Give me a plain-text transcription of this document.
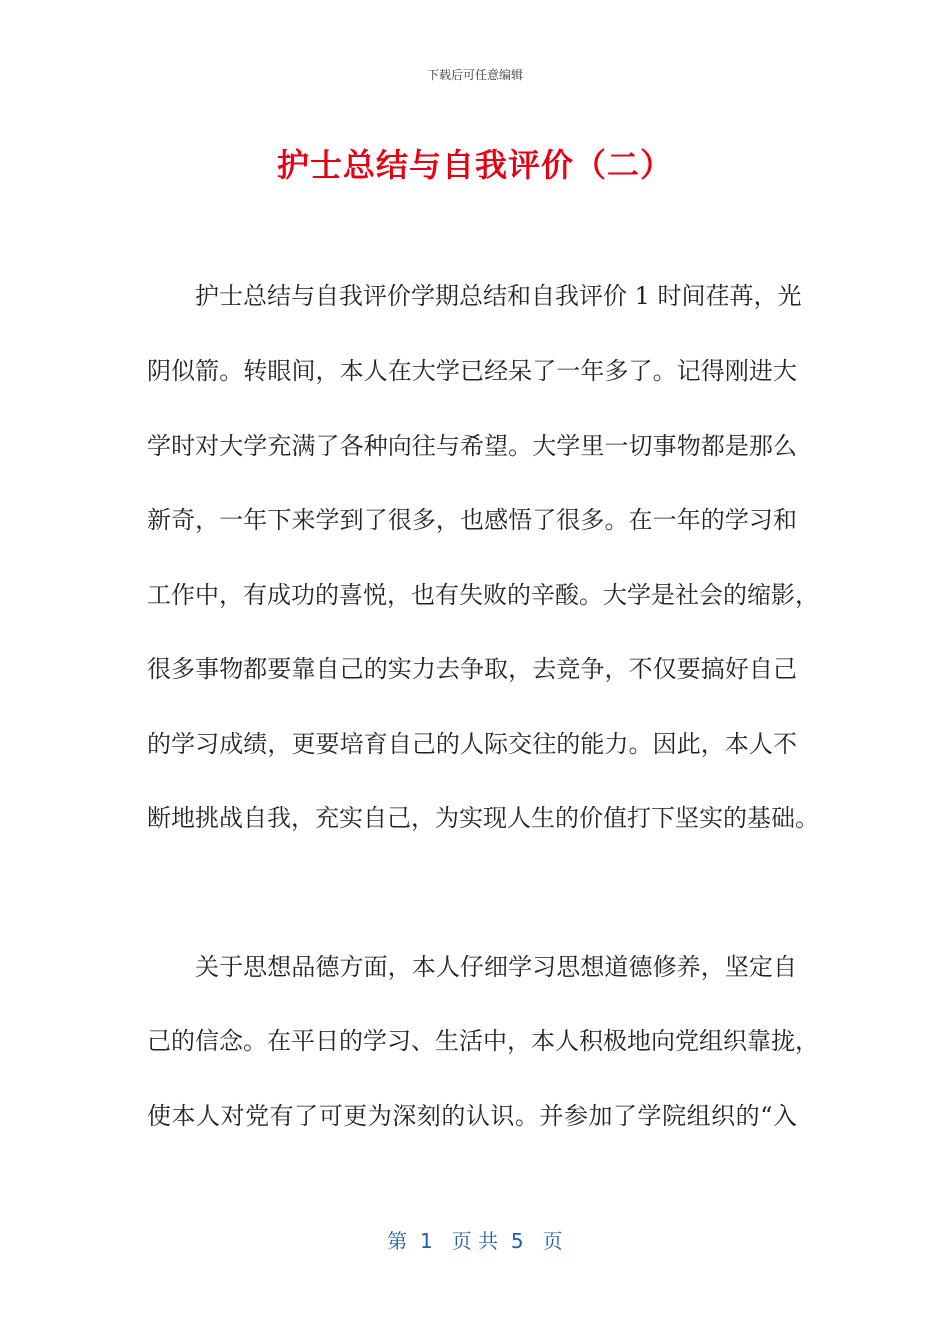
下载后可任意编辑
护士总结与自我评价（二）
护士总结与自我评价学期总结和自我评价 1 时间荏苒，光
阴似箭。转眼间，本人在大学已经呆了一年多了。记得刚进大
学时对大学充满了各种向往与希望。大学里一切事物都是那么
新奇，一年下来学到了很多，也感悟了很多。在一年的学习和
工作中，有成功的喜悦，也有失败的辛酸。大学是社会的缩影，
很多事物都要靠自己的实力去争取，去竞争，不仅要搞好自己
的学习成绩，更要培育自己的人际交往的能力。因此，本人不
断地挑战自我，充实自己，为实现人生的价值打下坚实的基础。
关于思想品德方面，本人仔细学习思想道德修养，坚定自
己的信念。在平日的学习、生活中，本人积极地向党组织靠拢，
使本人对党有了可更为深刻的认识。并参加了学院组织的“入
第  1   页 共  5   页
